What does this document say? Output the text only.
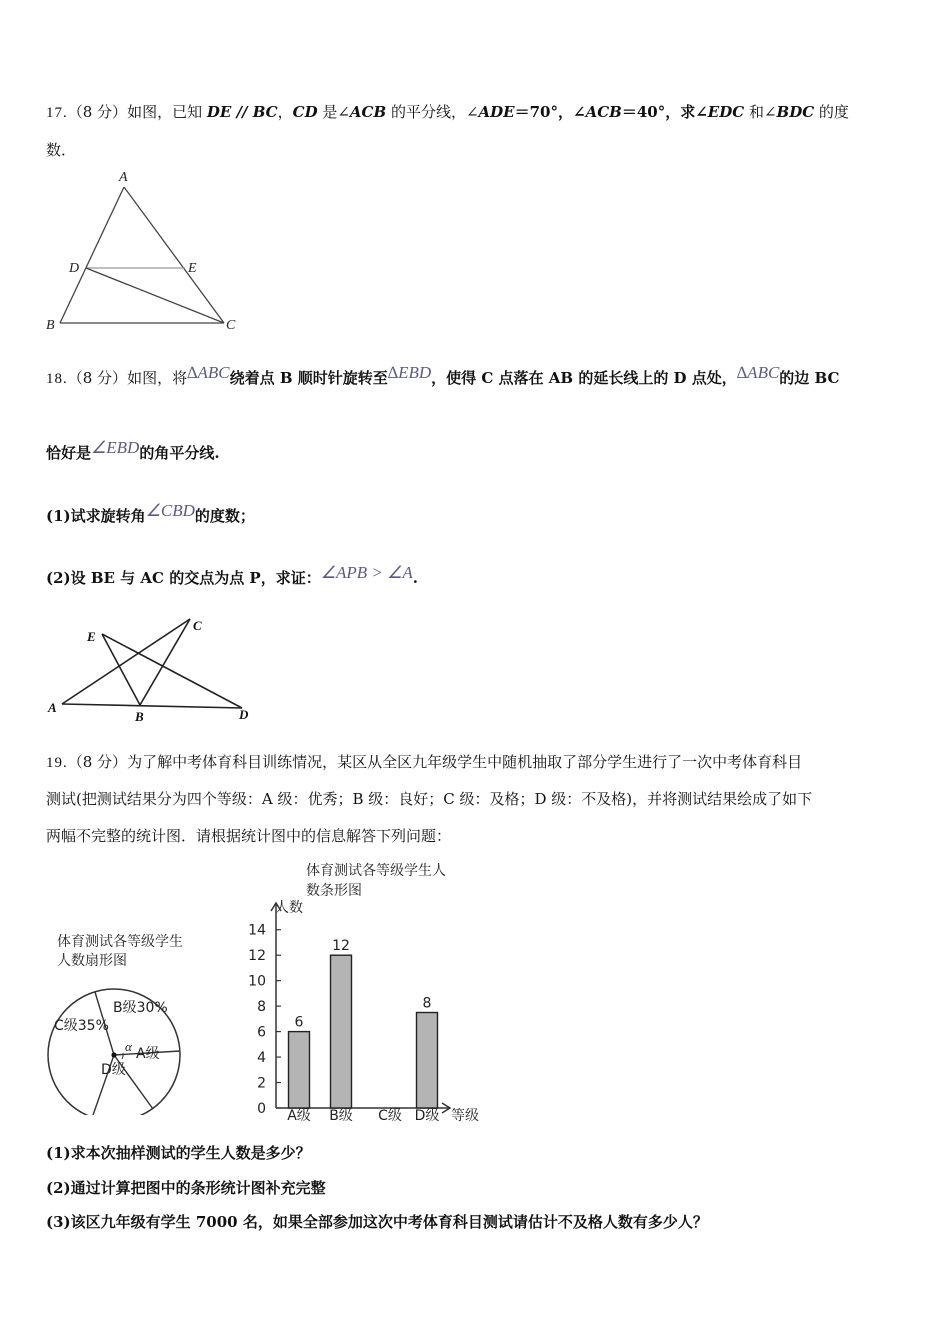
17.（8 分）如图，已知 DE // BC，CD 是∠ACB 的平分线，∠ADE＝70°，∠ACB＝40°，求∠EDC 和∠BDC 的度
数．
A
D	E
B	C
18.（8 分）如图，将∆ABC绕着点 B 顺时针旋转至∆EBD，使得 C 点落在 AB 的延长线上的 D 点处，∆ABC的边 BC
恰好是∠EBD的角平分线.
(1)试求旋转角∠CBD的度数；
(2)设 BE 与 AC 的交点为点 P，求证：∠APB > ∠A.
E
C
A
B	D
19.（8 分）为了解中考体育科目训练情况，某区从全区九年级学生中随机抽取了部分学生进行了一次中考体育科目
测试(把测试结果分为四个等级：A 级：优秀；B 级：良好；C 级：及格；D 级：不及格)，并将测试结果绘成了如下
两幅不完整的统计图．请根据统计图中的信息解答下列问题：
体育测试各等级学生
人数扇形图
B级30%
C级35%
α A级
D级
体育测试各等级学生人
数条形图
人数
0
2
4
6
8
10
12
14
A级 B级 C级 D级
6
12
8
等级
(1)求本次抽样测试的学生人数是多少？
(2)通过计算把图中的条形统计图补充完整
(3)该区九年级有学生 7000 名，如果全部参加这次中考体育科目测试请估计不及格人数有多少人？
